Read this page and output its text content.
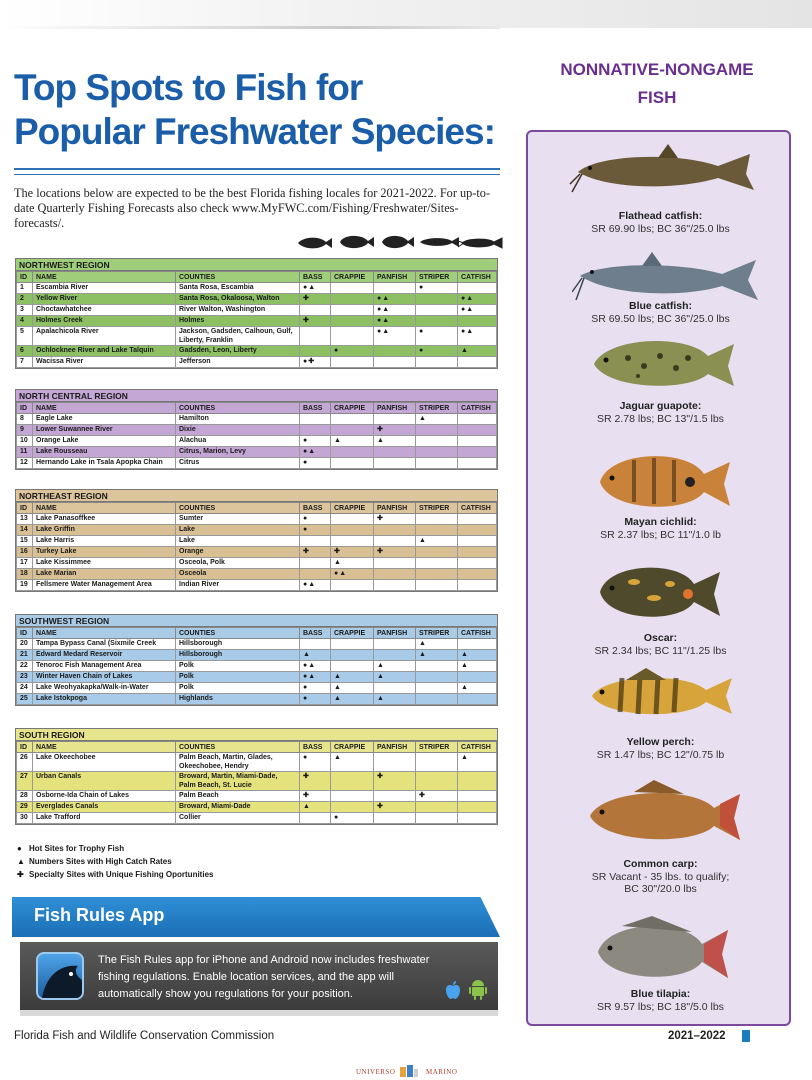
Top Spots to Fish for
Popular Freshwater Species:
The locations below are expected to be the best Florida fishing locales for 2021-2022. For up-to-date Quarterly Fishing Forecasts also check www.MyFWC.com/Fishing/Freshwater/Sites-forecasts/.
NORTHWEST REGION
ID	NAME	COUNTIES	BASS	CRAPPIE	PANFISH	STRIPER	CATFISH
1	Escambia River	Santa Rosa, Escambia	●▲			●	
2	Yellow River	Santa Rosa, Okaloosa, Walton	✚		●▲		●▲
3	Choctawhatchee	River Walton, Washington			●▲		●▲
4	Holmes Creek	Holmes	✚		●▲		
5	Apalachicola River	Jackson, Gadsden, Calhoun, Gulf, Liberty, Franklin			●▲	●	●▲
6	Ochlocknee River and Lake Talquin	Gadsden, Leon, Liberty		●		●	▲
7	Wacissa River	Jefferson	●✚				
NORTH CENTRAL REGION
ID	NAME	COUNTIES	BASS	CRAPPIE	PANFISH	STRIPER	CATFISH
8	Eagle Lake	Hamilton				▲	
9	Lower Suwannee River	Dixie			✚		
10	Orange Lake	Alachua	●	▲	▲		
11	Lake Rousseau	Citrus, Marion, Levy	●▲				
12	Hernando Lake in Tsala Apopka Chain	Citrus	●				
NORTHEAST REGION
ID	NAME	COUNTIES	BASS	CRAPPIE	PANFISH	STRIPER	CATFISH
13	Lake Panasoffkee	Sumter	●		✚		
14	Lake Griffin	Lake	●				
15	Lake Harris	Lake				▲	
16	Turkey Lake	Orange	✚	✚	✚		
17	Lake Kissimmee	Osceola, Polk		▲			
18	Lake Marian	Osceola		●▲			
19	Fellsmere Water Management Area	Indian River	●▲				
SOUTHWEST REGION
ID	NAME	COUNTIES	BASS	CRAPPIE	PANFISH	STRIPER	CATFISH
20	Tampa Bypass Canal (Sixmile Creek	Hillsborough				▲	
21	Edward Medard Reservoir	Hillsborough	▲			▲	▲
22	Tenoroc Fish Management Area	Polk	●▲		▲		▲
23	Winter Haven Chain of Lakes	Polk	●▲	▲	▲		
24	Lake Weohyakapka/Walk-in-Water	Polk	●	▲			▲
25	Lake Istokpoga	Highlands	●	▲	▲		
SOUTH REGION
ID	NAME	COUNTIES	BASS	CRAPPIE	PANFISH	STRIPER	CATFISH
26	Lake Okeechobee	Palm Beach, Martin, Glades, Okeechobee, Hendry	●	▲			▲
27	Urban Canals	Broward, Martin, Miami-Dade, Palm Beach, St. Lucie	✚		✚		
28	Osborne-Ida Chain of Lakes	Palm Beach	✚			✚	
29	Everglades Canals	Broward, Miami-Dade	▲		✚		
30	Lake Trafford	Collier		●			
● Hot Sites for Trophy Fish
▲ Numbers Sites with High Catch Rates
✚ Specialty Sites with Unique Fishing Oportunities
Fish Rules App
The Fish Rules app for iPhone and Android now includes freshwater fishing regulations. Enable location services, and the app will automatically show you regulations for your position.
Florida Fish and Wildlife Conservation Commission	2021–2022
UNIVERSO	MARINO
NONNATIVE-NONGAME
FISH
Flathead catfish:
SR 69.90 lbs; BC 36"/25.0 lbs
Blue catfish:
SR 69.50 lbs; BC 36"/25.0 lbs
Jaguar guapote:
SR 2.78 lbs; BC 13"/1.5 lbs
Mayan cichlid:
SR 2.37 lbs; BC 11"/1.0 lb
Oscar:
SR 2.34 lbs; BC 11"/1.25 lbs
Yellow perch:
SR 1.47 lbs; BC 12"/0.75 lb
Common carp:
SR Vacant - 35 lbs. to qualify;
BC 30"/20.0 lbs
Blue tilapia:
SR 9.57 lbs; BC 18"/5.0 lbs
